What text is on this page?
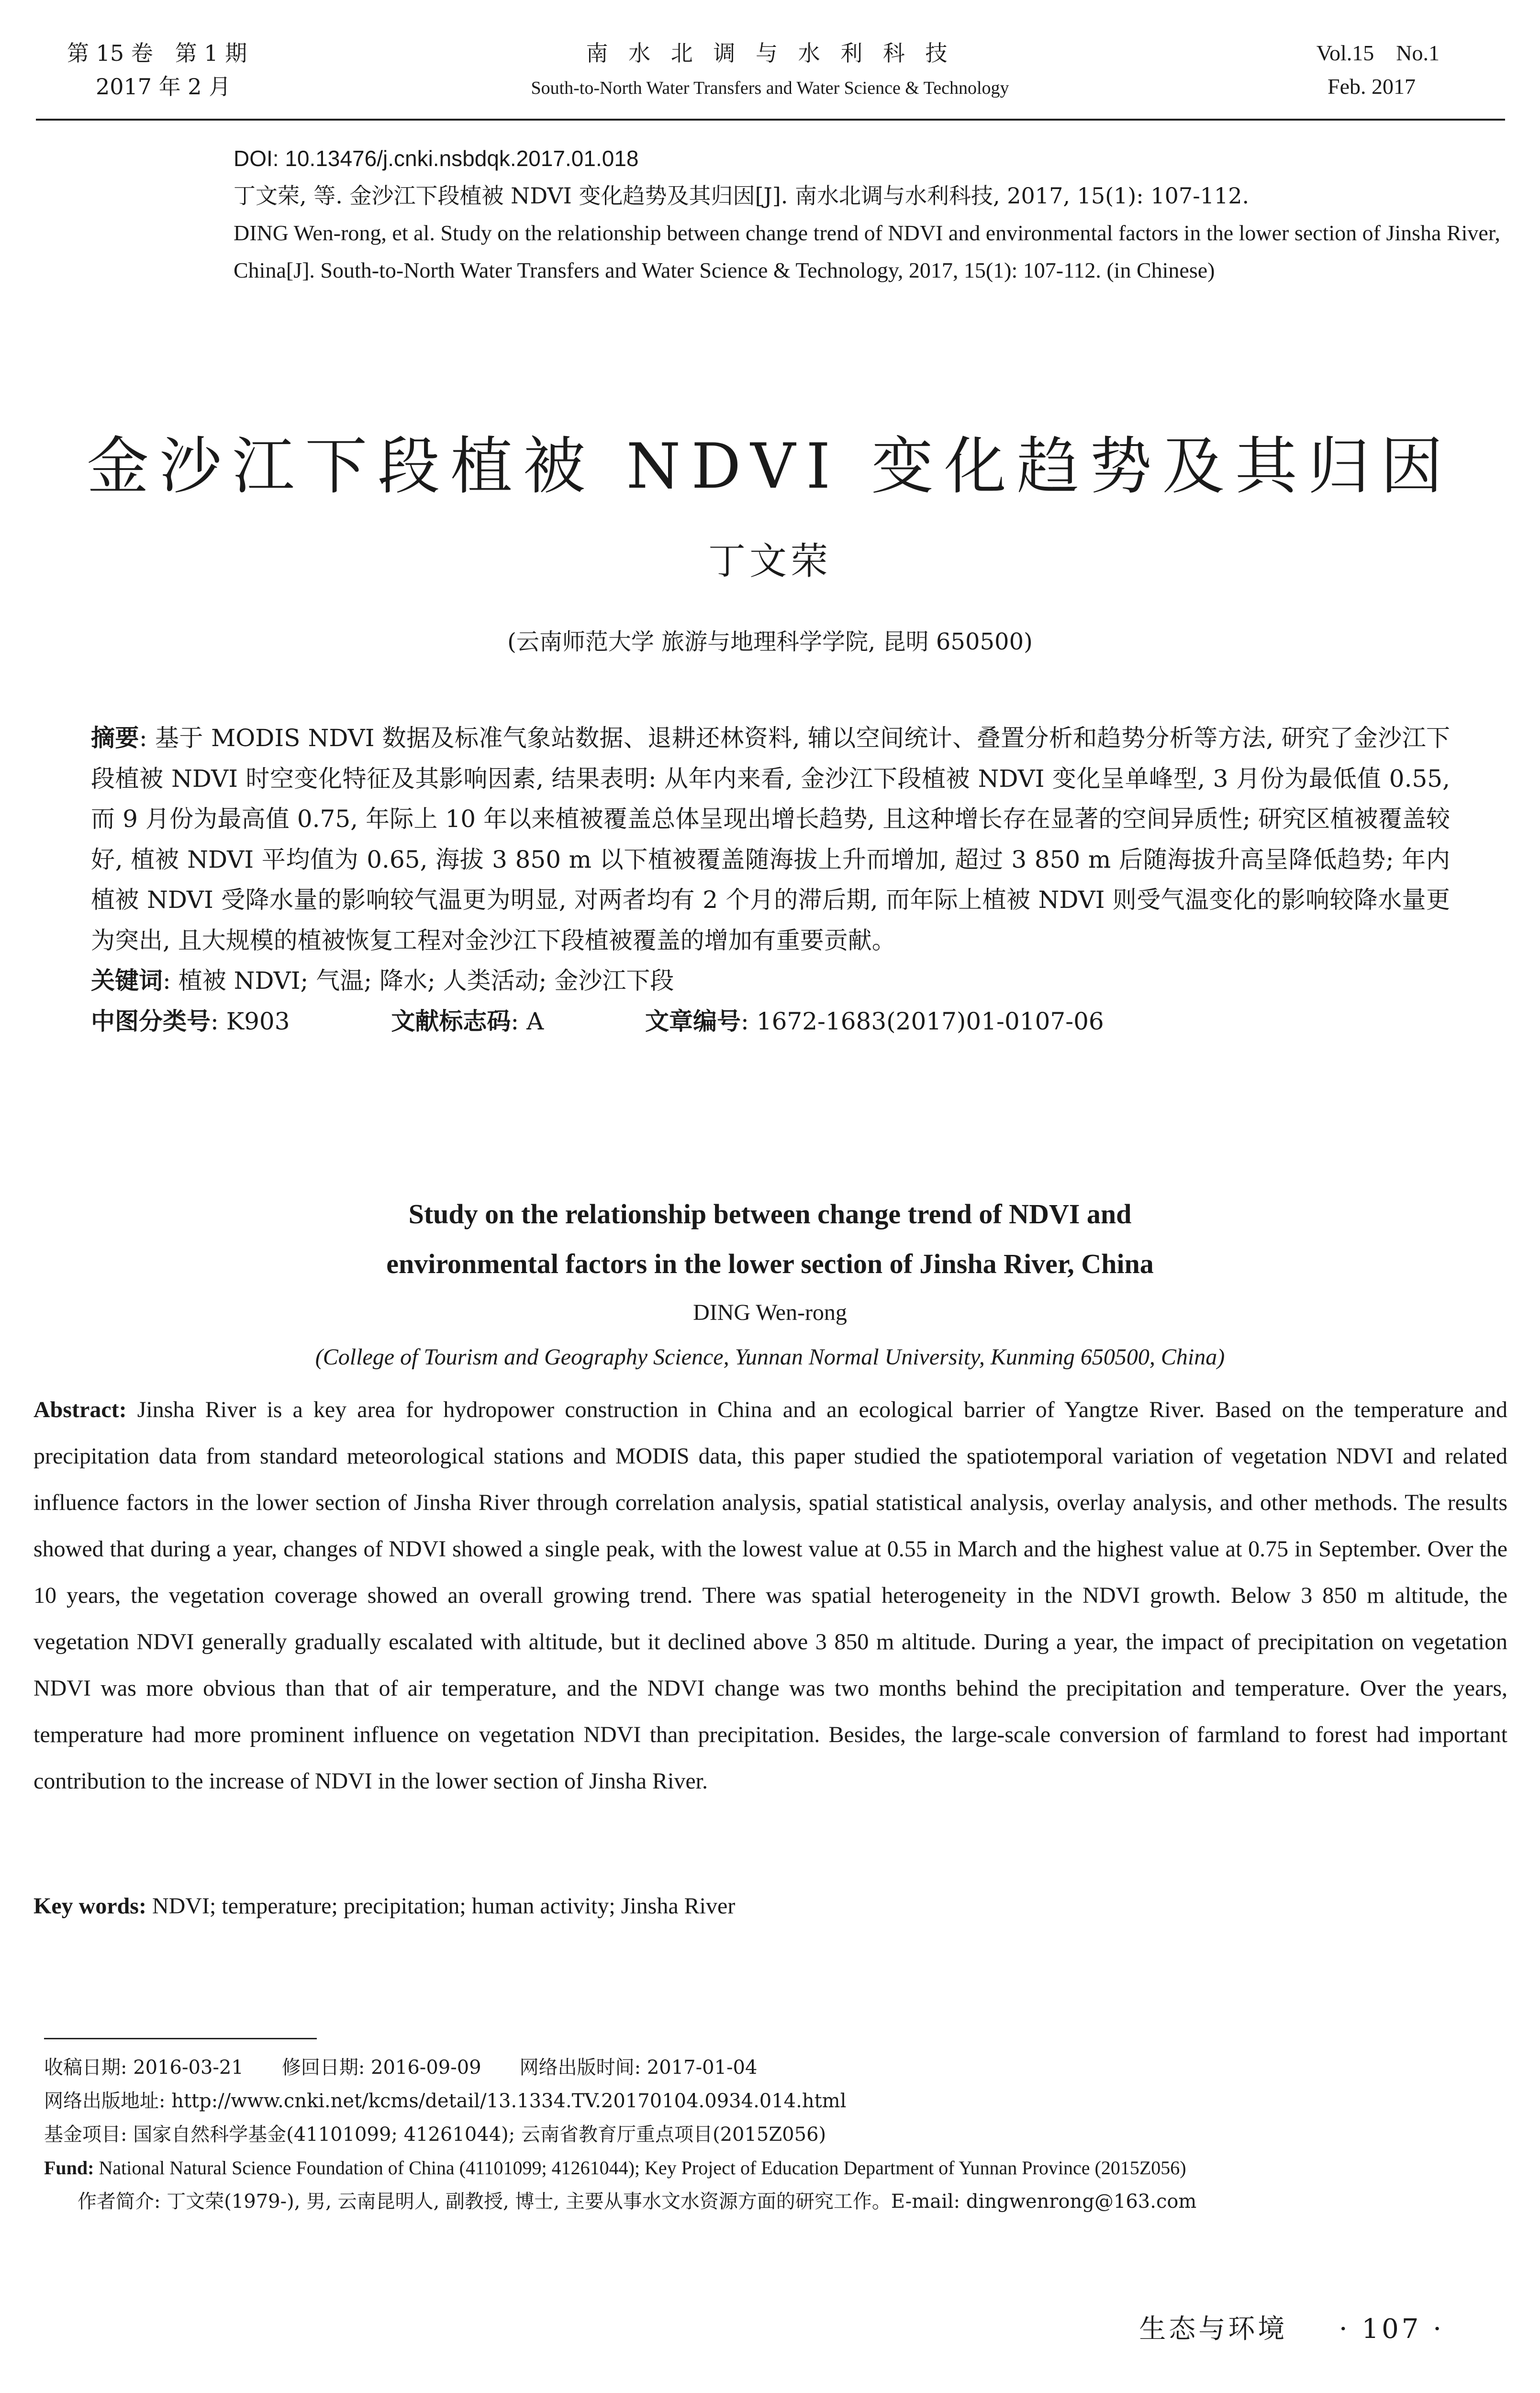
第 15 卷　第 1 期
2017 年 2 月
南 水 北 调 与 水 利 科 技
South-to-North Water Transfers and Water Science & Technology
Vol.15　No.1
Feb. 2017

DOI: 10.13476/j.cnki.nsbdqk.2017.01.018

丁文荣, 等. 金沙江下段植被 NDVI 变化趋势及其归因[J]. 南水北调与水利科技, 2017, 15(1): 107-112.

DING Wen-rong, et al. Study on the relationship between change trend of NDVI and environmental factors in the lower section of Jinsha River, China[J]. South-to-North Water Transfers and Water Science & Technology, 2017, 15(1): 107-112. (in Chinese)

金沙江下段植被 NDVI 变化趋势及其归因
丁文荣
(云南师范大学 旅游与地理科学学院, 昆明 650500)

摘要: 基于 MODIS NDVI 数据及标准气象站数据、退耕还林资料, 辅以空间统计、叠置分析和趋势分析等方法, 研究了金沙江下段植被 NDVI 时空变化特征及其影响因素, 结果表明: 从年内来看, 金沙江下段植被 NDVI 变化呈单峰型, 3 月份为最低值 0.55, 而 9 月份为最高值 0.75, 年际上 10 年以来植被覆盖总体呈现出增长趋势, 且这种增长存在显著的空间异质性; 研究区植被覆盖较好, 植被 NDVI 平均值为 0.65, 海拔 3 850 m 以下植被覆盖随海拔上升而增加, 超过 3 850 m 后随海拔升高呈降低趋势; 年内植被 NDVI 受降水量的影响较气温更为明显, 对两者均有 2 个月的滞后期, 而年际上植被 NDVI 则受气温变化的影响较降水量更为突出, 且大规模的植被恢复工程对金沙江下段植被覆盖的增加有重要贡献。

关键词: 植被 NDVI; 气温; 降水; 人类活动; 金沙江下段

中图分类号: K903	文献标志码: A	文章编号: 1672-1683(2017)01-0107-06

Study on the relationship between change trend of NDVI and
environmental factors in the lower section of Jinsha River, China
DING Wen-rong
(College of Tourism and Geography Science, Yunnan Normal University, Kunming 650500, China)
Abstract: Jinsha River is a key area for hydropower construction in China and an ecological barrier of Yangtze River. Based on the temperature and precipitation data from standard meteorological stations and MODIS data, this paper studied the spatiotemporal variation of vegetation NDVI and related influence factors in the lower section of Jinsha River through correlation analysis, spatial statistical analysis, overlay analysis, and other methods. The results showed that during a year, changes of NDVI showed a single peak, with the lowest value at 0.55 in March and the highest value at 0.75 in September. Over the 10 years, the vegetation coverage showed an overall growing trend. There was spatial heterogeneity in the NDVI growth. Below 3 850 m altitude, the vegetation NDVI generally gradually escalated with altitude, but it declined above 3 850 m altitude. During a year, the impact of precipitation on vegetation NDVI was more obvious than that of air temperature, and the NDVI change was two months behind the precipitation and temperature. Over the years, temperature had more prominent influence on vegetation NDVI than precipitation. Besides, the large-scale conversion of farmland to forest had important contribution to the increase of NDVI in the lower section of Jinsha River.
Key words: NDVI; temperature; precipitation; human activity; Jinsha River

收稿日期: 2016-03-21　　修回日期: 2016-09-09　　网络出版时间: 2017-01-04

网络出版地址: http://www.cnki.net/kcms/detail/13.1334.TV.20170104.0934.014.html

基金项目: 国家自然科学基金(41101099; 41261044); 云南省教育厅重点项目(2015Z056)

Fund: National Natural Science Foundation of China (41101099; 41261044); Key Project of Education Department of Yunnan Province (2015Z056)

作者简介: 丁文荣(1979-), 男, 云南昆明人, 副教授, 博士, 主要从事水文水资源方面的研究工作。E-mail: dingwenrong@163.com

生态与环境 · 107 ·
